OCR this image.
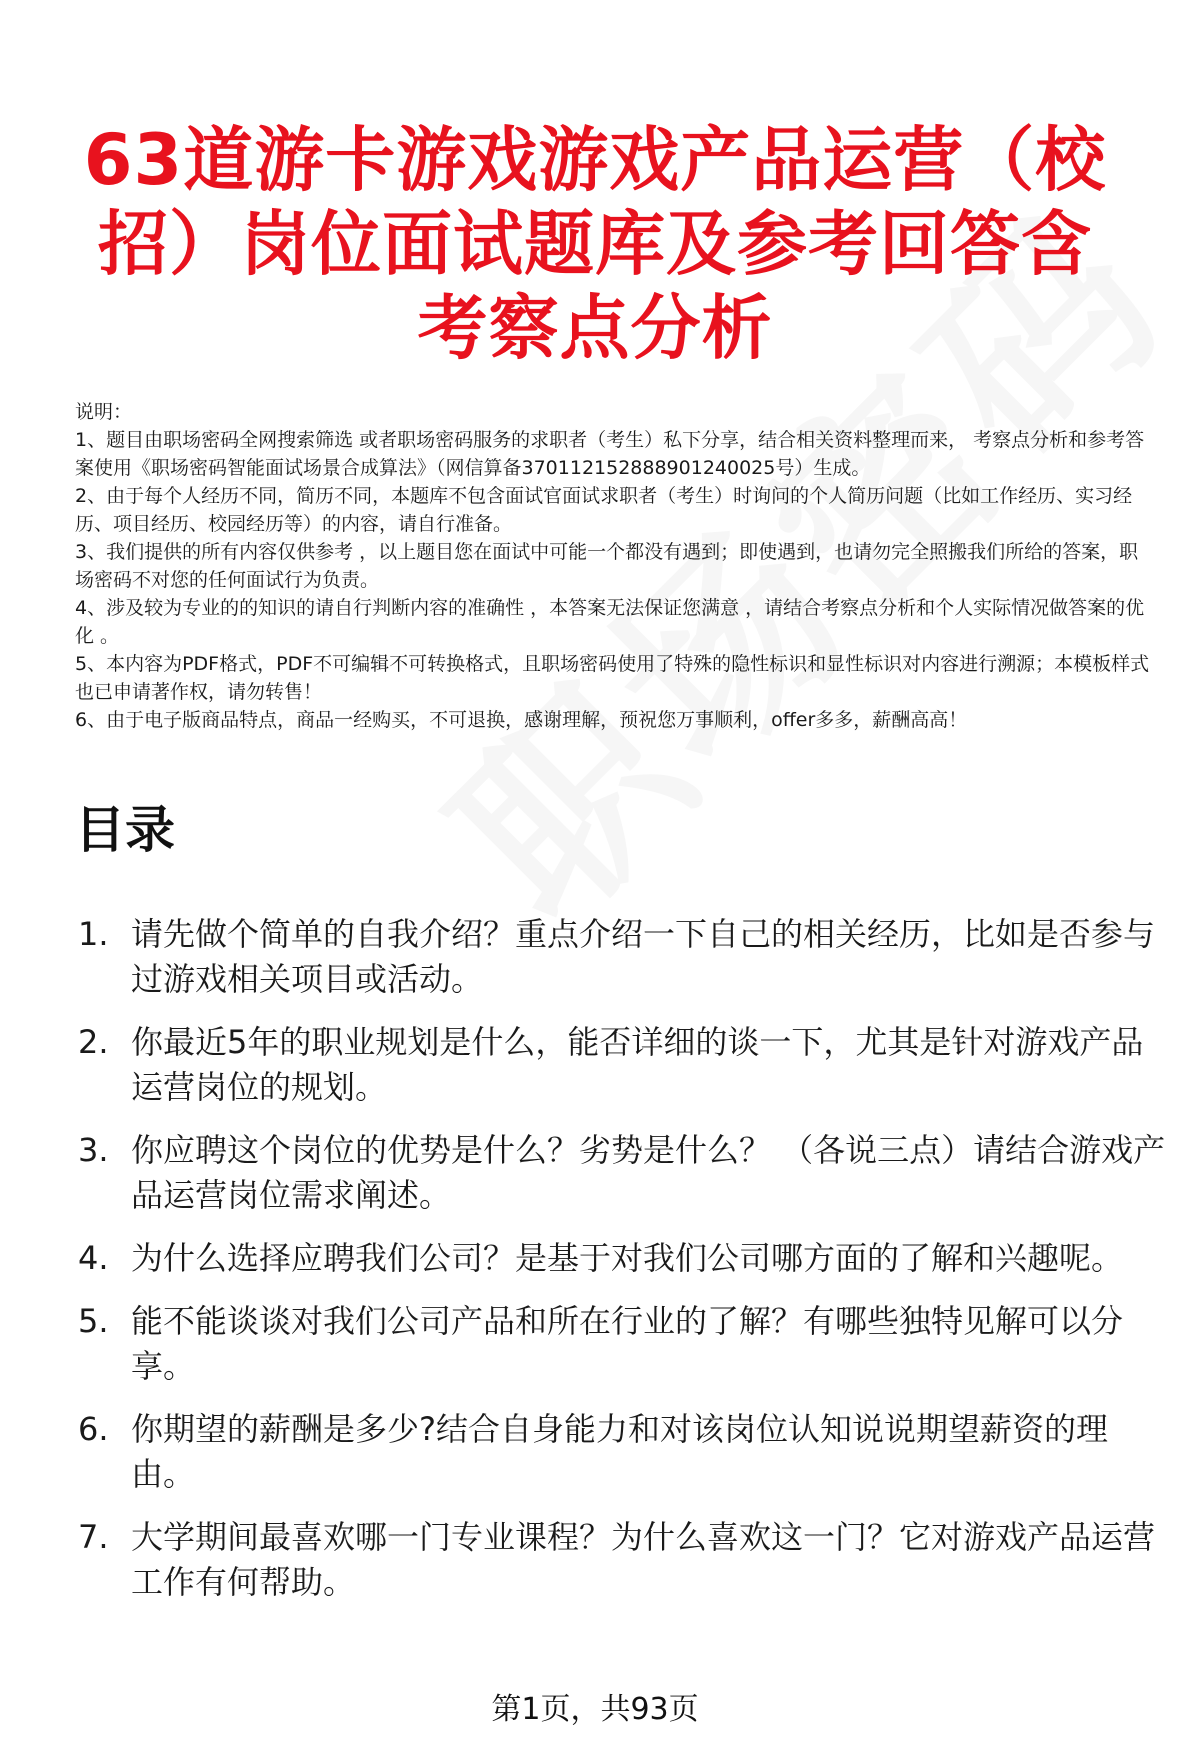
63道游卡游戏游戏产品运营（校招）岗位面试题库及参考回答含考察点分析

说明：

1、题目由职场密码全网搜索筛选 或者职场密码服务的求职者（考生）私下分享，结合相关资料整理而来， 考察点分析和参考答案使用《职场密码智能面试场景合成算法》（网信算备370112152888901240025号）生成。

2、由于每个人经历不同，简历不同，本题库不包含面试官面试求职者（考生）时询问的个人简历问题（比如工作经历、实习经历、项目经历、校园经历等）的内容，请自行准备。

3、我们提供的所有内容仅供参考 ，以上题目您在面试中可能一个都没有遇到；即使遇到，也请勿完全照搬我们所给的答案，职场密码不对您的任何面试行为负责。

4、涉及较为专业的的知识的请自行判断内容的准确性 ，本答案无法保证您满意 ，请结合考察点分析和个人实际情况做答案的优化 。

5、本内容为PDF格式，PDF不可编辑不可转换格式，且职场密码使用了特殊的隐性标识和显性标识对内容进行溯源；本模板样式也已申请著作权，请勿转售！

6、由于电子版商品特点，商品一经购买，不可退换，感谢理解，预祝您万事顺利，offer多多，薪酬高高！

目录
1. 请先做个简单的自我介绍？重点介绍一下自己的相关经历，比如是否参与过游戏相关项目或活动。
2. 你最近5年的职业规划是什么，能否详细的谈一下，尤其是针对游戏产品运营岗位的规划。
3. 你应聘这个岗位的优势是什么？劣势是什么？ （各说三点）请结合游戏产品运营岗位需求阐述。
4. 为什么选择应聘我们公司？是基于对我们公司哪方面的了解和兴趣呢。
5. 能不能谈谈对我们公司产品和所在行业的了解？有哪些独特见解可以分享。
6. 你期望的薪酬是多少?结合自身能力和对该岗位认知说说期望薪资的理由。
7. 大学期间最喜欢哪一门专业课程？为什么喜欢这一门？它对游戏产品运营工作有何帮助。
第1页，共93页
